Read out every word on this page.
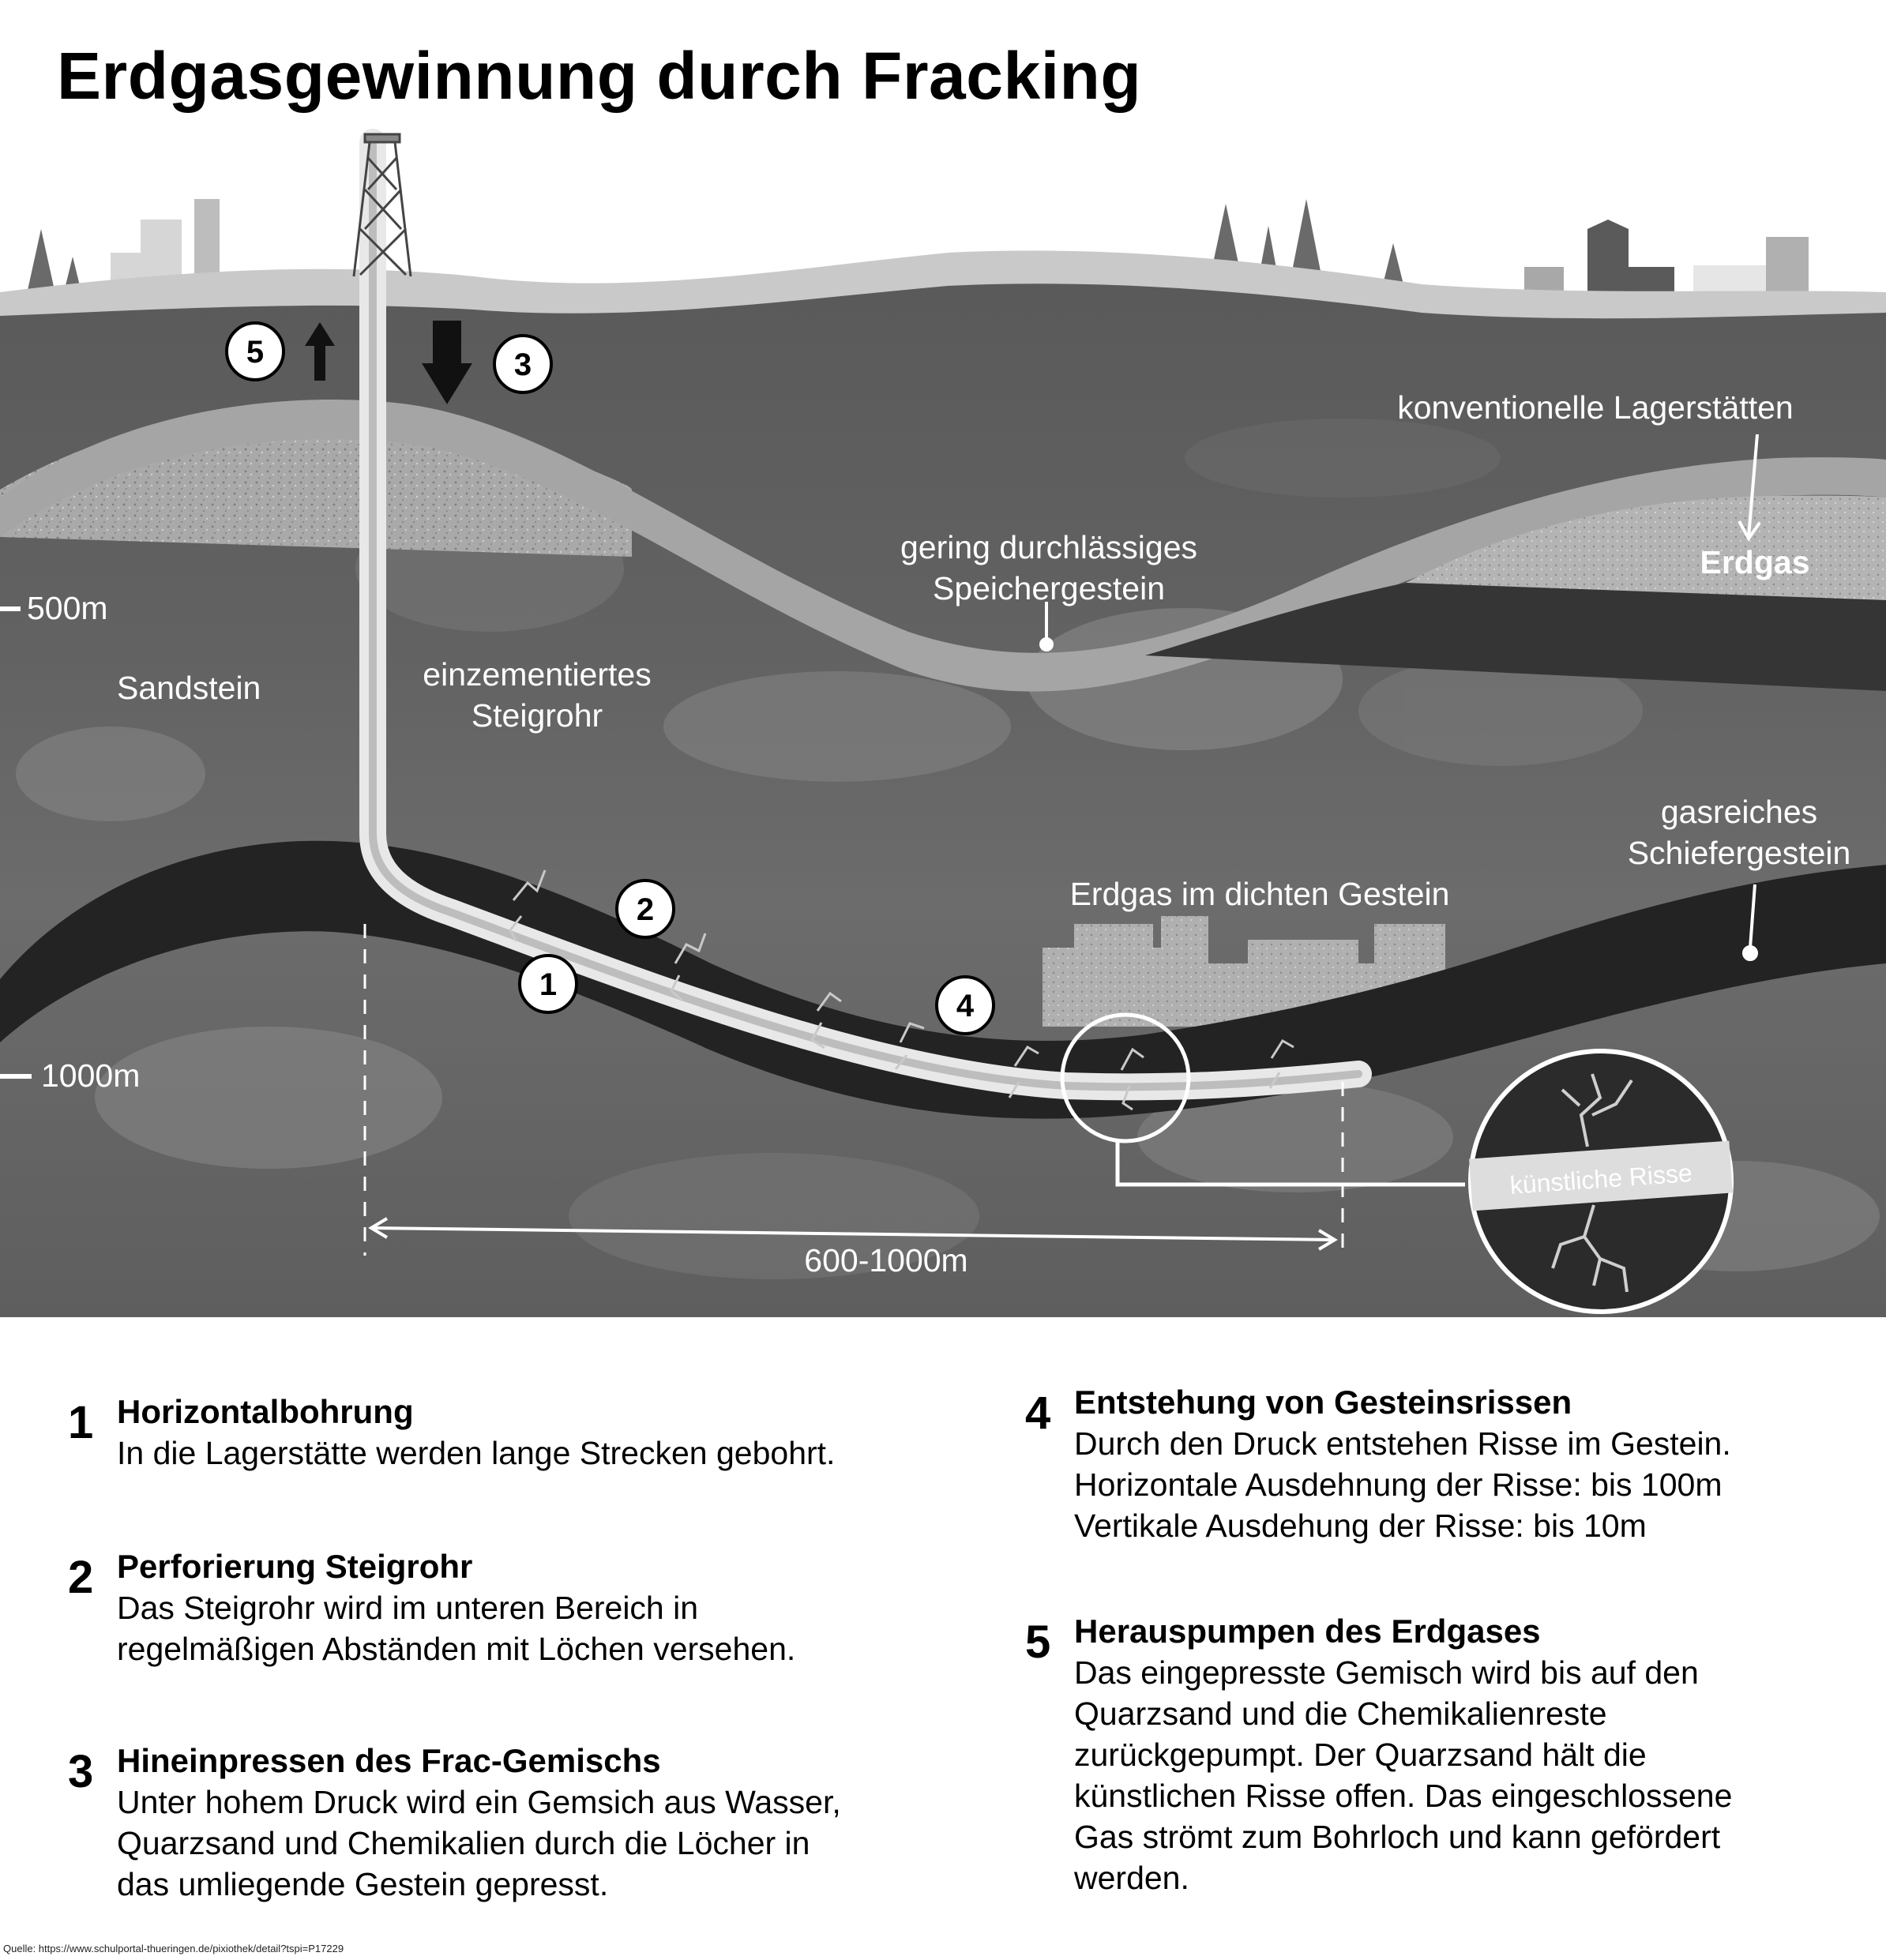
Erdgasgewinnung durch Fracking
5	3
2
1
4
500m
1000m
Sandstein	einzementiertes
Steigrohr
gering durchlässiges
Speichergestein
konventionelle Lagerstätten
Erdgas
gasreiches
Schiefergestein
Erdgas im dichten Gestein
künstliche Risse
600-1000m
1 Horizontalbohrung
In die Lagerstätte werden lange Strecken gebohrt.
2 Perforierung Steigrohr
Das Steigrohr wird im unteren Bereich in
regelmäßigen Abständen mit Löchen versehen.
3 Hineinpressen des Frac-Gemischs
Unter hohem Druck wird ein Gemsich aus Wasser,
Quarzsand und Chemikalien durch die Löcher in
das umliegende Gestein gepresst.
4 Entstehung von Gesteinsrissen
Durch den Druck entstehen Risse im Gestein.
Horizontale Ausdehnung der Risse: bis 100m
Vertikale Ausdehung der Risse: bis 10m
5 Herauspumpen des Erdgases
Das eingepresste Gemisch wird bis auf den
Quarzsand und die Chemikalienreste
zurückgepumpt. Der Quarzsand hält die
künstlichen Risse offen. Das eingeschlossene
Gas strömt zum Bohrloch und kann gefördert
werden.
Quelle: https://www.schulportal-thueringen.de/pixiothek/detail?tspi=P17229
